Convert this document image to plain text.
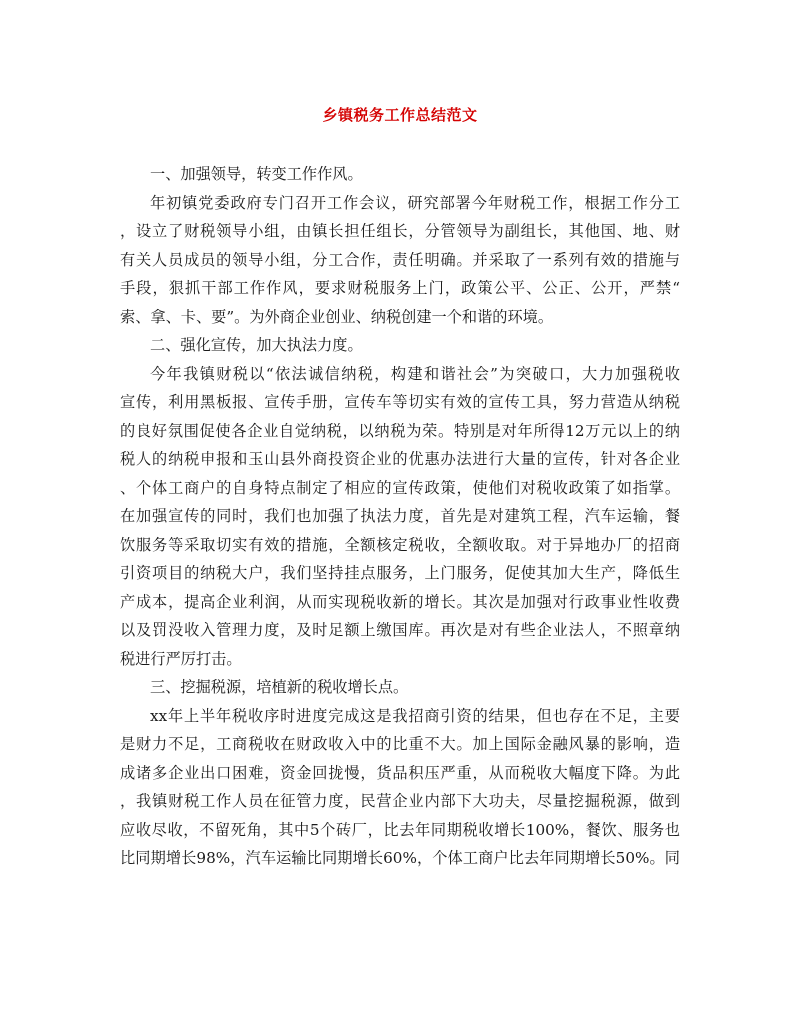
乡镇税务工作总结范文
一、加强领导，转变工作作风。
年初镇党委政府专门召开工作会议，研究部署今年财税工作，根据工作分工
，设立了财税领导小组，由镇长担任组长，分管领导为副组长，其他国、地、财
有关人员成员的领导小组，分工合作，责任明确。并采取了一系列有效的措施与
手段，狠抓干部工作作风，要求财税服务上门，政策公平、公正、公开，严禁“
索、拿、卡、要”。为外商企业创业、纳税创建一个和谐的环境。
二、强化宣传，加大执法力度。
今年我镇财税以“依法诚信纳税，构建和谐社会”为突破口，大力加强税收
宣传，利用黑板报、宣传手册，宣传车等切实有效的宣传工具，努力营造从纳税
的良好氛围促使各企业自觉纳税，以纳税为荣。特别是对年所得12万元以上的纳
税人的纳税申报和玉山县外商投资企业的优惠办法进行大量的宣传，针对各企业
、个体工商户的自身特点制定了相应的宣传政策，使他们对税收政策了如指掌。
在加强宣传的同时，我们也加强了执法力度，首先是对建筑工程，汽车运输，餐
饮服务等采取切实有效的措施，全额核定税收，全额收取。对于异地办厂的招商
引资项目的纳税大户，我们坚持挂点服务，上门服务，促使其加大生产，降低生
产成本，提高企业利润，从而实现税收新的增长。其次是加强对行政事业性收费
以及罚没收入管理力度，及时足额上缴国库。再次是对有些企业法人，不照章纳
税进行严厉打击。
三、挖掘税源，培植新的税收增长点。
xx年上半年税收序时进度完成这是我招商引资的结果，但也存在不足，主要
是财力不足，工商税收在财政收入中的比重不大。加上国际金融风暴的影响，造
成诸多企业出口困难，资金回拢慢，货品积压严重，从而税收大幅度下降。为此
，我镇财税工作人员在征管力度，民营企业内部下大功夫，尽量挖掘税源，做到
应收尽收，不留死角，其中5个砖厂，比去年同期税收增长100%，餐饮、服务也
比同期增长98%，汽车运输比同期增长60%，个体工商户比去年同期增长50%。同
